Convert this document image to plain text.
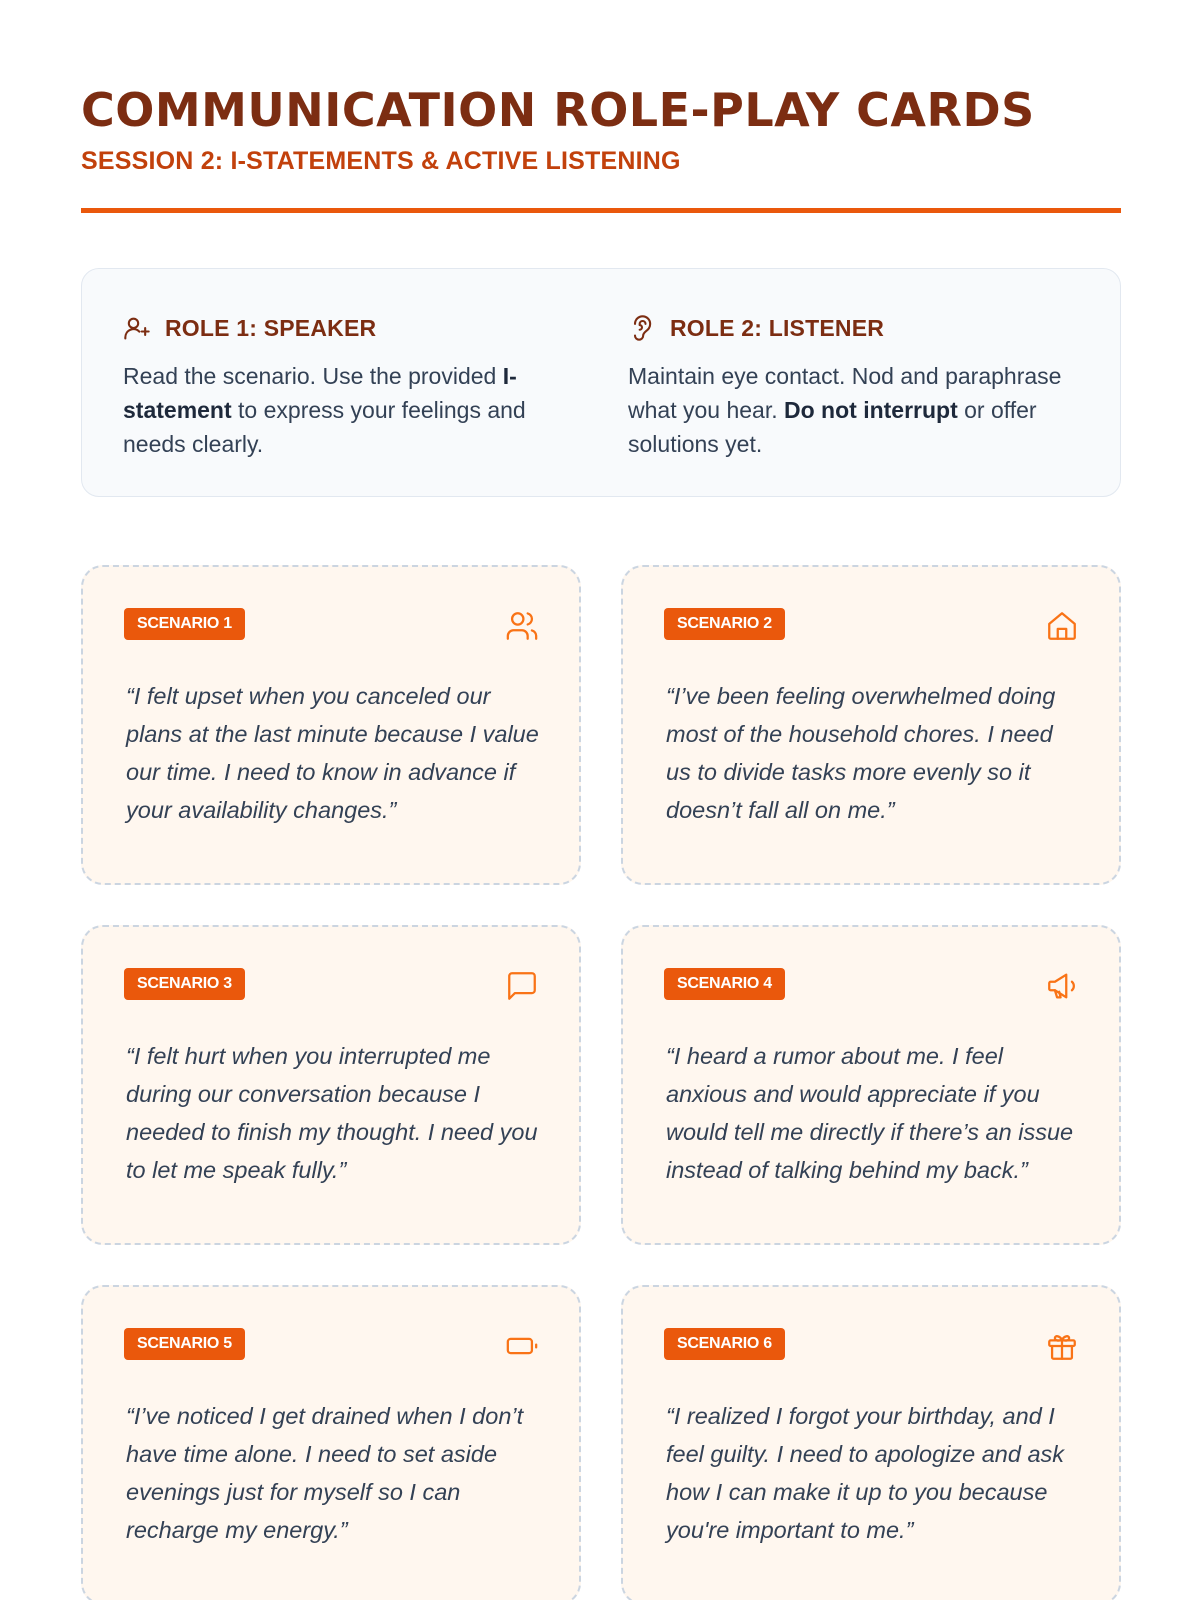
COMMUNICATION ROLE-PLAY CARDS
SESSION 2: I-STATEMENTS & ACTIVE LISTENING
ROLE 1: SPEAKER

Read the scenario. Use the provided I-statement to express your feelings and needs clearly.

ROLE 2: LISTENER

Maintain eye contact. Nod and paraphrase what you hear. Do not interrupt or offer solutions yet.

SCENARIO 1

“I felt upset when you canceled our plans at the last minute because I value our time. I need to know in advance if your availability changes.”

SCENARIO 2

“I’ve been feeling overwhelmed doing most of the household chores. I need us to divide tasks more evenly so it doesn’t fall all on me.”

SCENARIO 3

“I felt hurt when you interrupted me during our conversation because I needed to finish my thought. I need you to let me speak fully.”

SCENARIO 4

“I heard a rumor about me. I feel anxious and would appreciate if you would tell me directly if there’s an issue instead of talking behind my back.”

SCENARIO 5

“I’ve noticed I get drained when I don’t have time alone. I need to set aside evenings just for myself so I can recharge my energy.”

SCENARIO 6

“I realized I forgot your birthday, and I feel guilty. I need to apologize and ask how I can make it up to you because you're important to me.”
